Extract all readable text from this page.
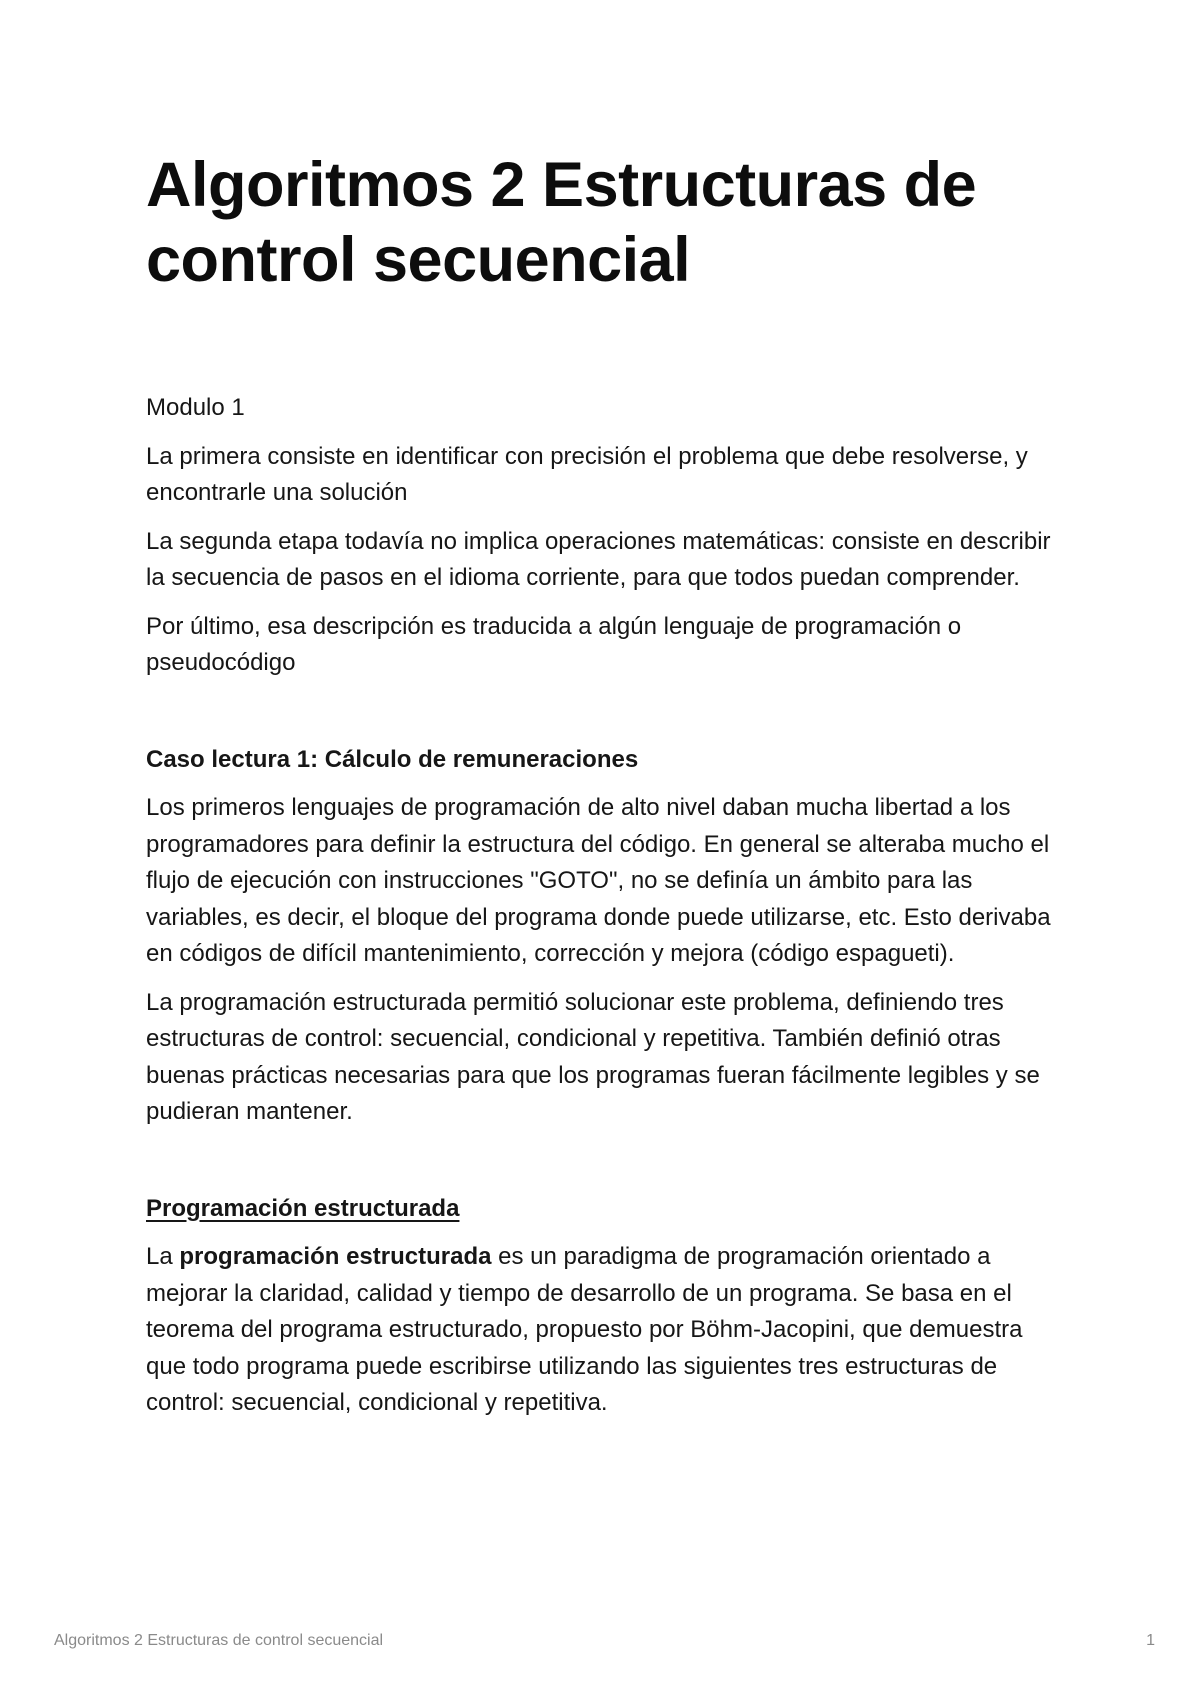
Algoritmos 2 Estructuras de control secuencial

Modulo 1

La primera consiste en identificar con precisión el problema que debe resolverse, y encontrarle una solución

La segunda etapa todavía no implica operaciones matemáticas: consiste en describir la secuencia de pasos en el idioma corriente, para que todos puedan comprender.

Por último, esa descripción es traducida a algún lenguaje de programación o pseudocódigo

Caso lectura 1: Cálculo de remuneraciones

Los primeros lenguajes de programación de alto nivel daban mucha libertad a los programadores para definir la estructura del código. En general se alteraba mucho el flujo de ejecución con instrucciones "GOTO", no se definía un ámbito para las variables, es decir, el bloque del programa donde puede utilizarse, etc. Esto derivaba en códigos de difícil mantenimiento, corrección y mejora (código espagueti).

La programación estructurada permitió solucionar este problema, definiendo tres estructuras de control: secuencial, condicional y repetitiva. También definió otras buenas prácticas necesarias para que los programas fueran fácilmente legibles y se pudieran mantener.

Programación estructurada

La programación estructurada es un paradigma de programación orientado a mejorar la claridad, calidad y tiempo de desarrollo de un programa. Se basa en el teorema del programa estructurado, propuesto por Böhm-Jacopini, que demuestra que todo programa puede escribirse utilizando las siguientes tres estructuras de control: secuencial, condicional y repetitiva.

Algoritmos 2 Estructuras de control secuencial	1
